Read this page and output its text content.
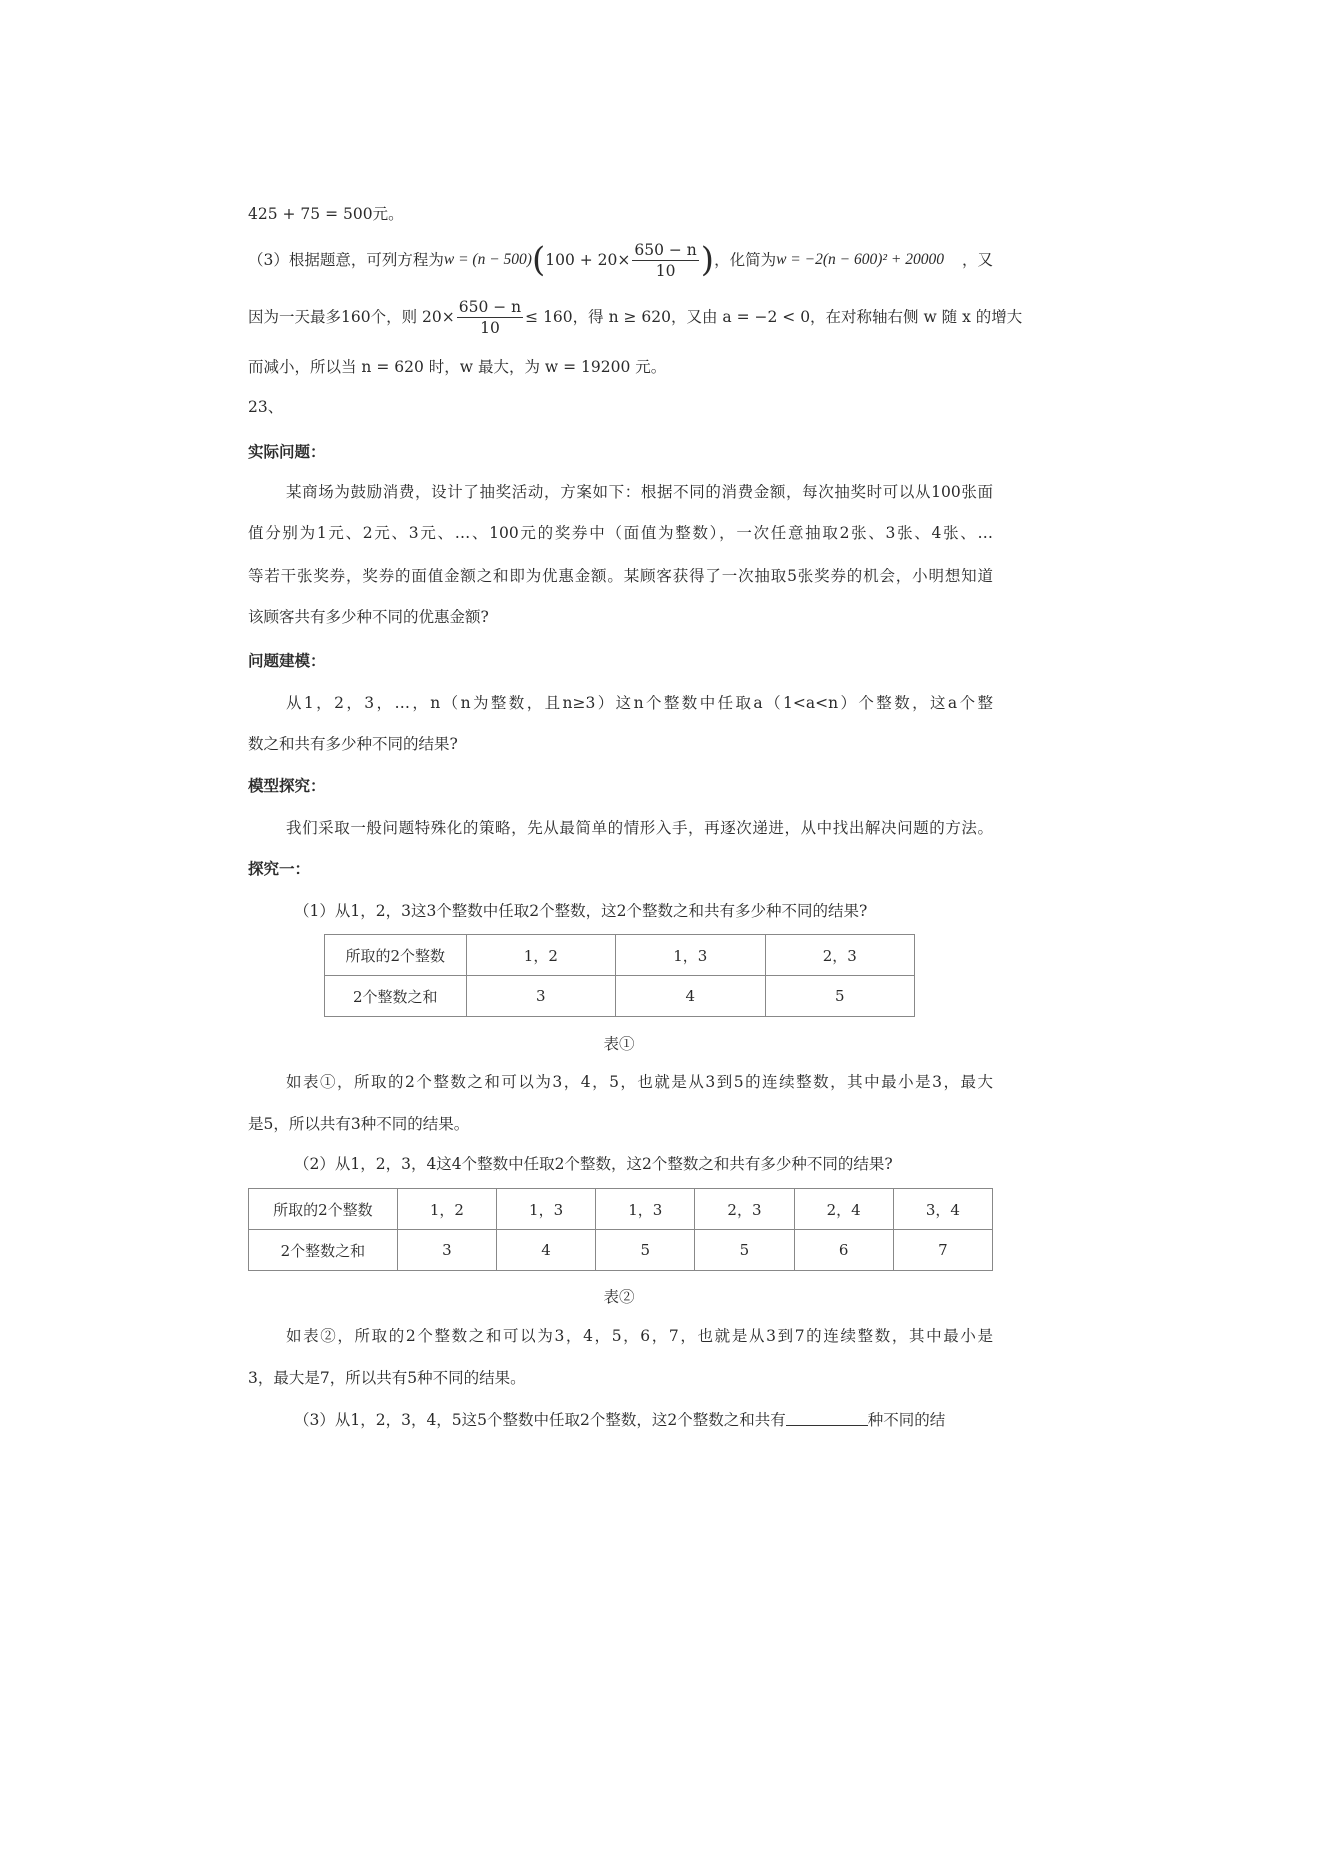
425 + 75 = 500元。
（3）根据题意，可列方程为 w = (n − 500) ( $100 + 20\times \frac{650 - n}{10}$ ) ，化简为 w = −2(n − 600)² + 20000 ，又
因为一天最多160个，则 $20\times \frac{650 - n}{10} \le 160$，得 n ≥ 620，又由 a = −2 < 0，在对称轴右侧 w 随 x 的增大
而减小，所以当 n = 620 时，w 最大，为 w = 19200 元。
23、
实际问题：
某商场为鼓励消费，设计了抽奖活动，方案如下：根据不同的消费金额，每次抽奖时可以从100张面
值分别为1元、2元、3元、…、100元的奖券中（面值为整数），一次任意抽取2张、3张、4张、…
等若干张奖券，奖券的面值金额之和即为优惠金额。某顾客获得了一次抽取5张奖券的机会，小明想知道
该顾客共有多少种不同的优惠金额?
问题建模：
从1，2，3，…，n（n为整数，且n≥3）这n个整数中任取a（1<a<n）个整数，这a个整
数之和共有多少种不同的结果?
模型探究：
我们采取一般问题特殊化的策略，先从最简单的情形入手，再逐次递进，从中找出解决问题的方法。
探究一：
（1）从1，2，3这3个整数中任取2个整数，这2个整数之和共有多少种不同的结果?
所取的2个整数	1，2	1，3	2，3
2个整数之和	3	4	5
表①
如表①，所取的2个整数之和可以为3，4，5，也就是从3到5的连续整数，其中最小是3，最大
是5，所以共有3种不同的结果。
（2）从1，2，3，4这4个整数中任取2个整数，这2个整数之和共有多少种不同的结果?
所取的2个整数	1，2	1，3	1，3	2，3	2，4	3，4
2个整数之和	3	4	5	5	6	7
表②
如表②，所取的2个整数之和可以为3，4，5，6，7，也就是从3到7的连续整数，其中最小是
3，最大是7，所以共有5种不同的结果。
（3）从1，2，3，4，5这5个整数中任取2个整数，这2个整数之和共有	种不同的结
